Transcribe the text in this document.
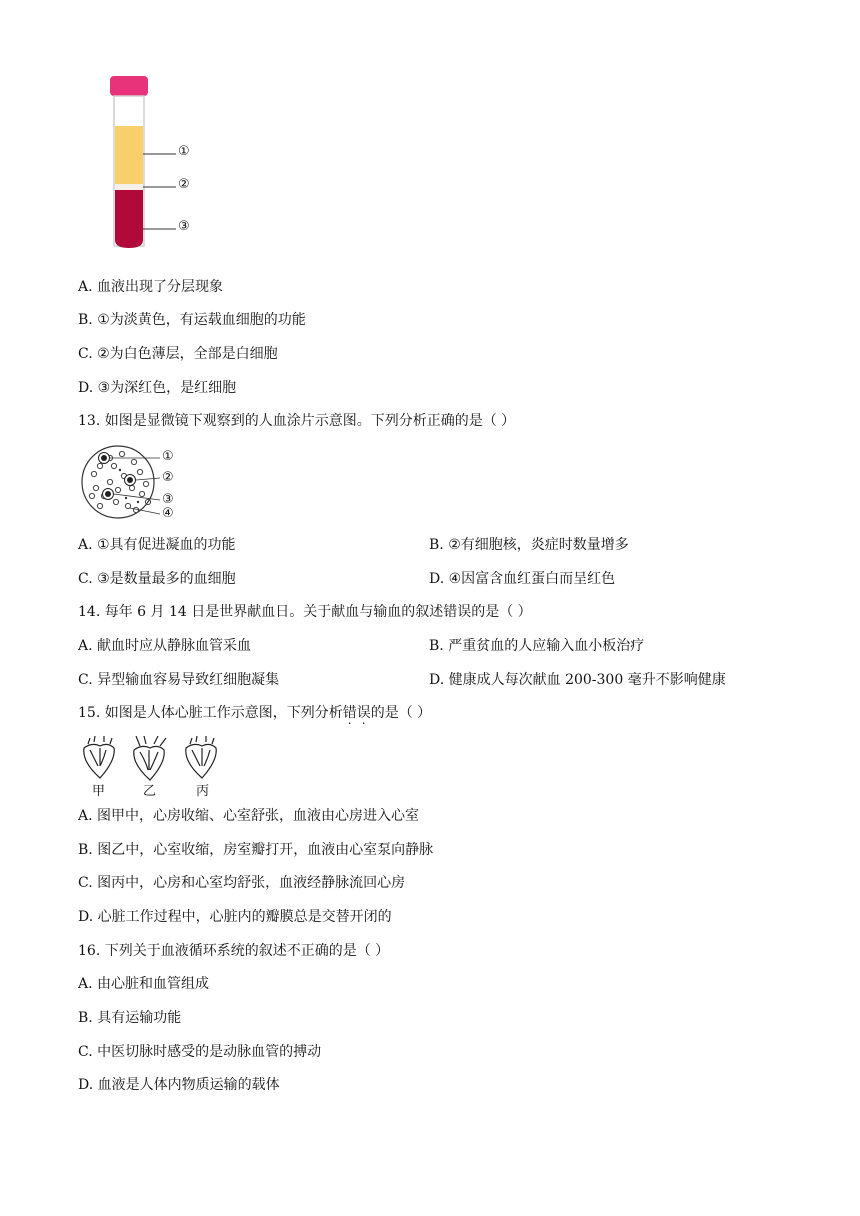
①
②
③
A. 血液出现了分层现象
B. ①为淡黄色，有运载血细胞的功能
C. ②为白色薄层，全部是白细胞
D. ③为深红色，是红细胞
13. 如图是显微镜下观察到的人血涂片示意图。下列分析正确的是（ ）
①
②
③
④
A. ①具有促进凝血的功能	B. ②有细胞核，炎症时数量增多
C. ③是数量最多的血细胞	D. ④因富含血红蛋白而呈红色
14. 每年 6 月 14 日是世界献血日。关于献血与输血的叙述错误的是（ ）
A. 献血时应从静脉血管采血	B. 严重贫血的人应输入血小板治疗
C. 异型输血容易导致红细胞凝集	D. 健康成人每次献血 200-300 毫升不影响健康
15. 如图是人体心脏工作示意图，下列分析错误的是（ ）
甲	乙	丙
A. 图甲中，心房收缩、心室舒张，血液由心房进入心室
B. 图乙中，心室收缩，房室瓣打开，血液由心室泵向静脉
C. 图丙中，心房和心室均舒张，血液经静脉流回心房
D. 心脏工作过程中，心脏内的瓣膜总是交替开闭的
16. 下列关于血液循环系统的叙述不正确的是（ ）
A. 由心脏和血管组成
B. 具有运输功能
C. 中医切脉时感受的是动脉血管的搏动
D. 血液是人体内物质运输的载体
